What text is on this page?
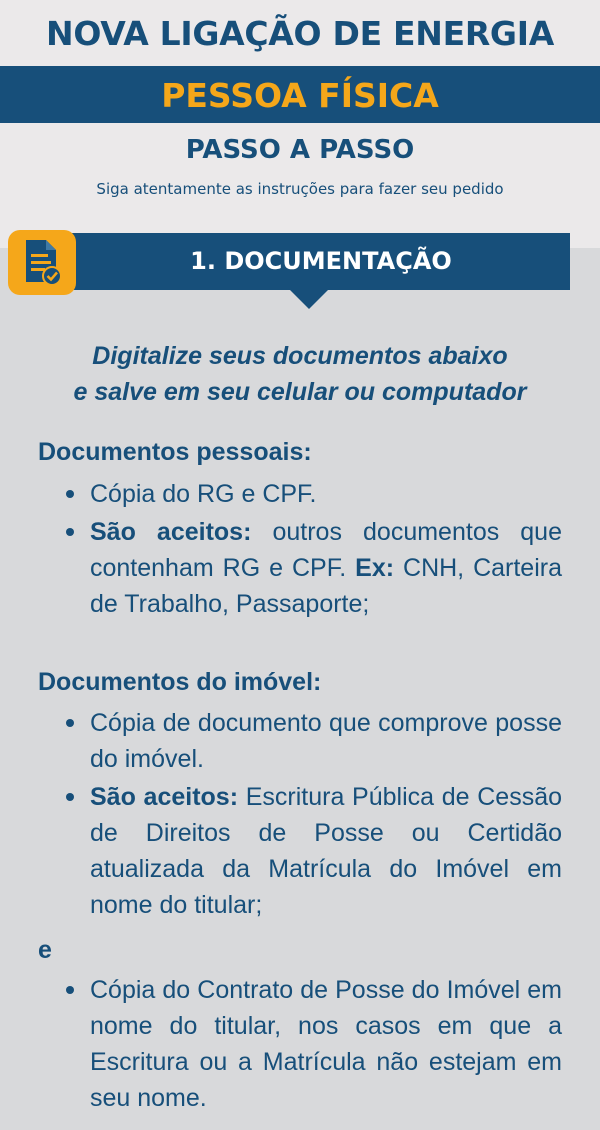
NOVA LIGAÇÃO DE ENERGIA
PESSOA FÍSICA
PASSO A PASSO
Siga atentamente as instruções para fazer seu pedido
1. DOCUMENTAÇÃO
Digitalize seus documentos abaixo
e salve em seu celular ou computador
Documentos pessoais:
Cópia do RG e CPF.
São aceitos: outros documentos que contenham RG e CPF. Ex: CNH, Carteira de Trabalho, Passaporte;
Documentos do imóvel:
Cópia de documento que comprove posse do imóvel.
São aceitos: Escritura Pública de Cessão de Direitos de Posse ou Certidão atualizada da Matrícula do Imóvel em nome do titular;
e
Cópia do Contrato de Posse do Imóvel em nome do titular, nos casos em que a Escritura ou a Matrícula não estejam em seu nome.
